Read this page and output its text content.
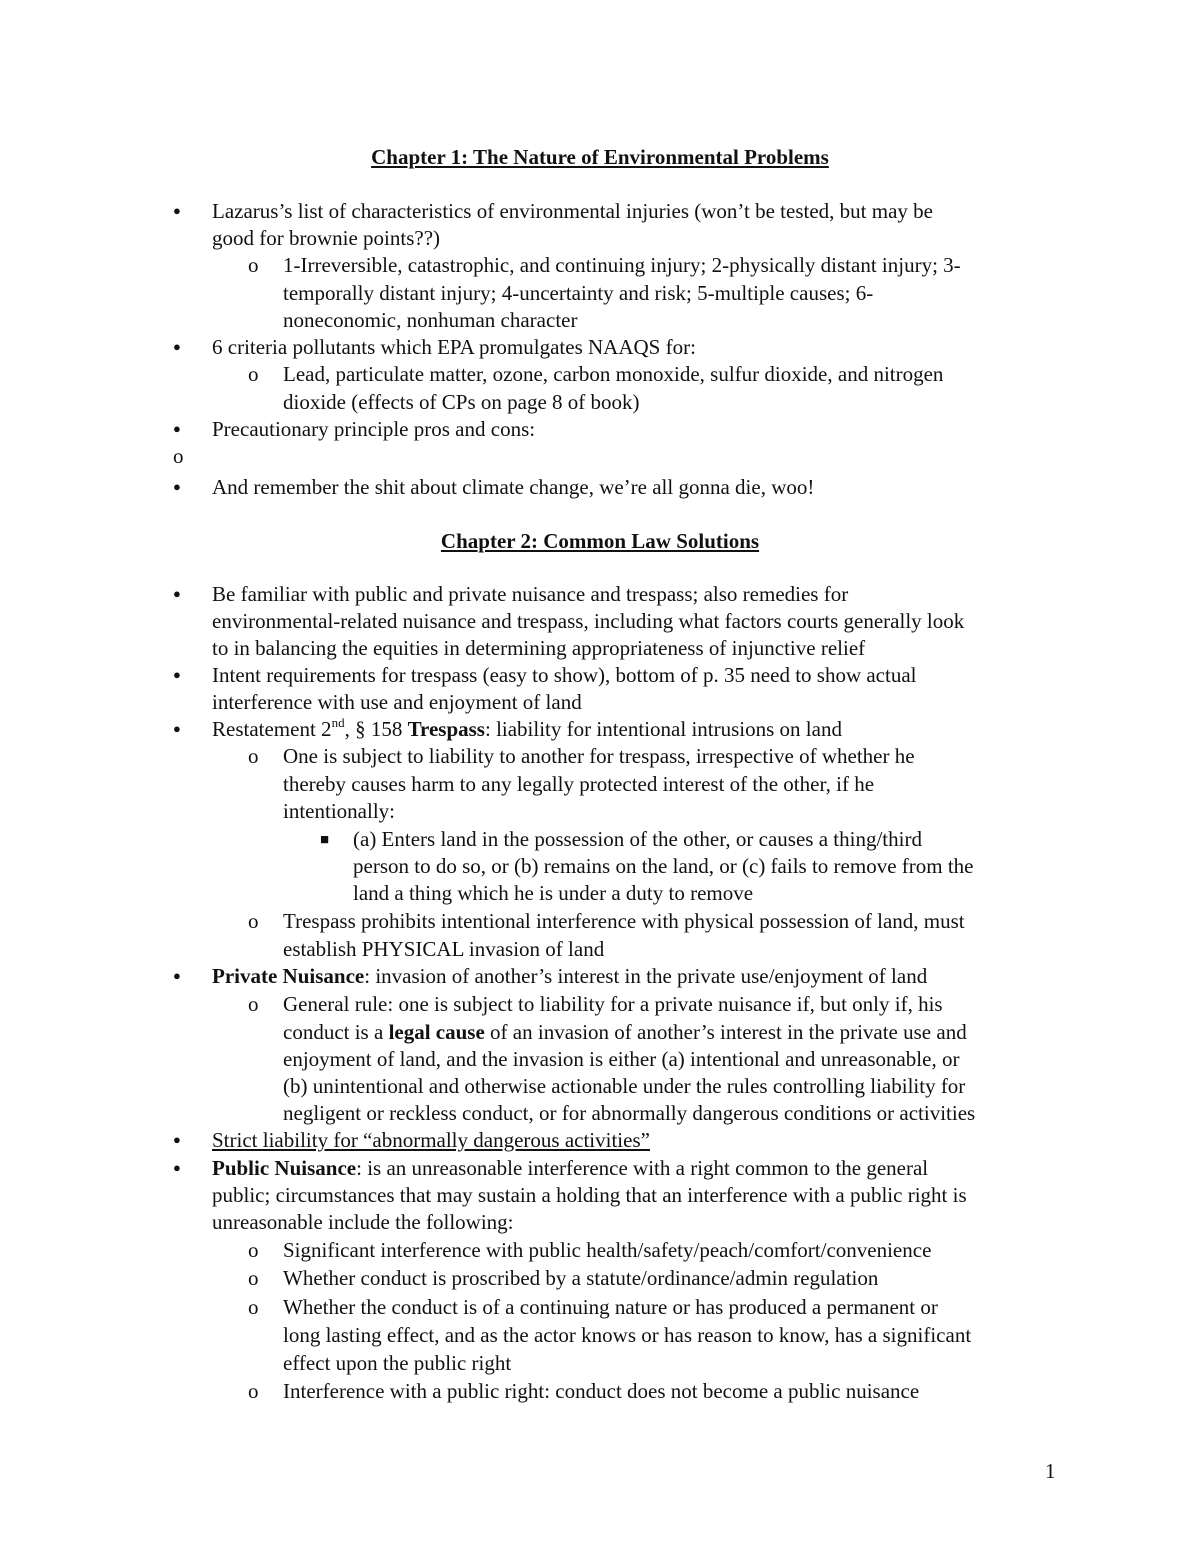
Chapter 1: The Nature of Environmental Problems
●
Lazarus’s list of characteristics of environmental injuries (won’t be tested, but may be
good for brownie points??)
o 1-Irreversible, catastrophic, and continuing injury; 2-physically distant injury; 3-
temporally distant injury; 4-uncertainty and risk; 5-multiple causes; 6-
noneconomic, nonhuman character
●
6 criteria pollutants which EPA promulgates NAAQS for:
o Lead, particulate matter, ozone, carbon monoxide, sulfur dioxide, and nitrogen
dioxide (effects of CPs on page 8 of book)
●
Precautionary principle pros and cons:
o
●
And remember the shit about climate change, we’re all gonna die, woo!
Chapter 2: Common Law Solutions
●
Be familiar with public and private nuisance and trespass; also remedies for
environmental-related nuisance and trespass, including what factors courts generally look
to in balancing the equities in determining appropriateness of injunctive relief
●
Intent requirements for trespass (easy to show), bottom of p. 35 need to show actual
interference with use and enjoyment of land
●
Restatement 2nd, § 158 Trespass: liability for intentional intrusions on land
o One is subject to liability to another for trespass, irrespective of whether he
thereby causes harm to any legally protected interest of the other, if he
intentionally:
■
(a) Enters land in the possession of the other, or causes a thing/third
person to do so, or (b) remains on the land, or (c) fails to remove from the
land a thing which he is under a duty to remove
o Trespass prohibits intentional interference with physical possession of land, must
establish PHYSICAL invasion of land
●
Private Nuisance: invasion of another’s interest in the private use/enjoyment of land
o General rule: one is subject to liability for a private nuisance if, but only if, his
conduct is a legal cause of an invasion of another’s interest in the private use and
enjoyment of land, and the invasion is either (a) intentional and unreasonable, or
(b) unintentional and otherwise actionable under the rules controlling liability for
negligent or reckless conduct, or for abnormally dangerous conditions or activities
●
Strict liability for “abnormally dangerous activities”
●
Public Nuisance: is an unreasonable interference with a right common to the general
public; circumstances that may sustain a holding that an interference with a public right is
unreasonable include the following:
o Significant interference with public health/safety/peach/comfort/convenience
o Whether conduct is proscribed by a statute/ordinance/admin regulation
o Whether the conduct is of a continuing nature or has produced a permanent or
long lasting effect, and as the actor knows or has reason to know, has a significant
effect upon the public right
o Interference with a public right: conduct does not become a public nuisance
1
